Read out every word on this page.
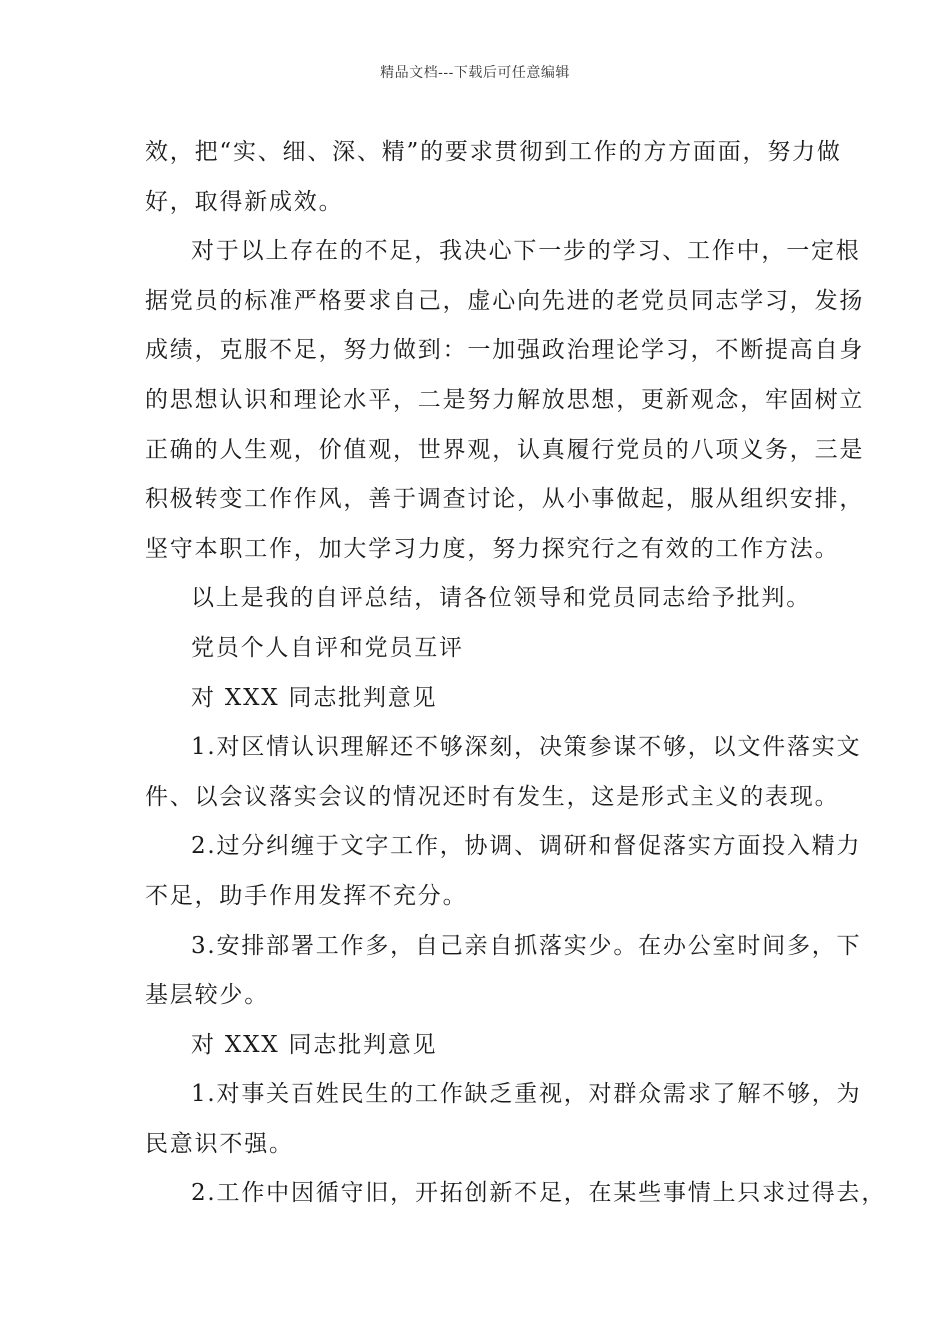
精品文档---下载后可任意编辑

效，把“实、细、深、精”的要求贯彻到工作的方方面面，努力做
好，取得新成效。

对于以上存在的不足，我决心下一步的学习、工作中，一定根
据党员的标准严格要求自己，虚心向先进的老党员同志学习，发扬
成绩，克服不足，努力做到：一加强政治理论学习，不断提高自身
的思想认识和理论水平，二是努力解放思想，更新观念，牢固树立
正确的人生观，价值观，世界观，认真履行党员的八项义务，三是
积极转变工作作风，善于调查讨论，从小事做起，服从组织安排，
坚守本职工作，加大学习力度，努力探究行之有效的工作方法。

以上是我的自评总结，请各位领导和党员同志给予批判。

党员个人自评和党员互评

对 XXX 同志批判意见

1.对区情认识理解还不够深刻，决策参谋不够，以文件落实文
件、以会议落实会议的情况还时有发生，这是形式主义的表现。

2.过分纠缠于文字工作，协调、调研和督促落实方面投入精力
不足，助手作用发挥不充分。

3.安排部署工作多，自己亲自抓落实少。在办公室时间多，下
基层较少。

对 XXX 同志批判意见

1.对事关百姓民生的工作缺乏重视，对群众需求了解不够，为
民意识不强。

2.工作中因循守旧，开拓创新不足，在某些事情上只求过得去，
